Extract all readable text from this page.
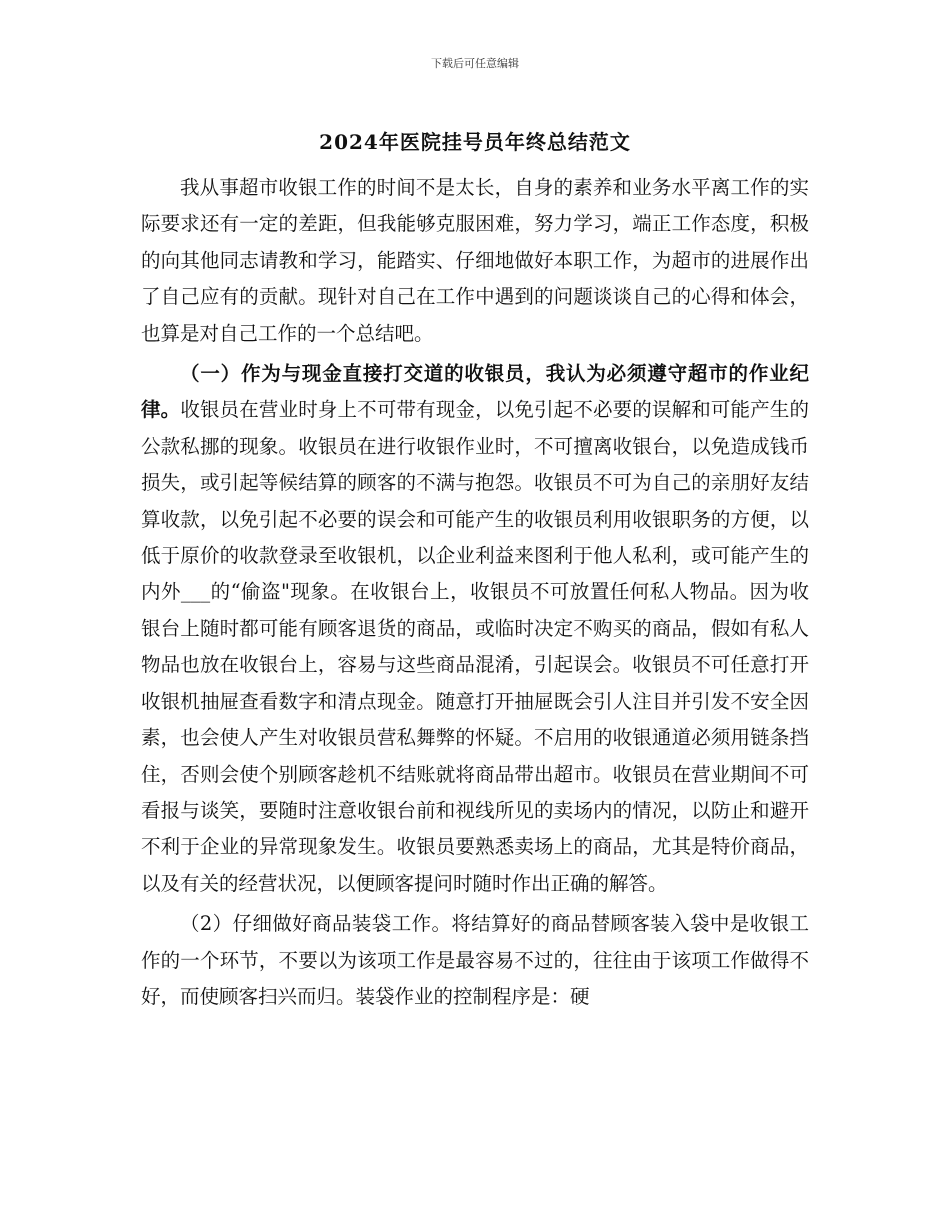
下载后可任意编辑
2024年医院挂号员年终总结范文

我从事超市收银工作的时间不是太长，自身的素养和业务水平离工作的实际要求还有一定的差距，但我能够克服困难，努力学习，端正工作态度，积极的向其他同志请教和学习，能踏实、仔细地做好本职工作，为超市的进展作出了自己应有的贡献。现针对自己在工作中遇到的问题谈谈自己的心得和体会，也算是对自己工作的一个总结吧。

（一）作为与现金直接打交道的收银员，我认为必须遵守超市的作业纪律。收银员在营业时身上不可带有现金，以免引起不必要的误解和可能产生的公款私挪的现象。收银员在进行收银作业时，不可擅离收银台，以免造成钱币损失，或引起等候结算的顾客的不满与抱怨。收银员不可为自己的亲朋好友结算收款，以免引起不必要的误会和可能产生的收银员利用收银职务的方便，以低于原价的收款登录至收银机，以企业利益来图利于他人私利，或可能产生的内外___的“偷盗"现象。在收银台上，收银员不可放置任何私人物品。因为收银台上随时都可能有顾客退货的商品，或临时决定不购买的商品，假如有私人物品也放在收银台上，容易与这些商品混淆，引起误会。收银员不可任意打开收银机抽屉查看数字和清点现金。随意打开抽屉既会引人注目并引发不安全因素，也会使人产生对收银员营私舞弊的怀疑。不启用的收银通道必须用链条挡住，否则会使个别顾客趁机不结账就将商品带出超市。收银员在营业期间不可看报与谈笑，要随时注意收银台前和视线所见的卖场内的情况，以防止和避开不利于企业的异常现象发生。收银员要熟悉卖场上的商品，尤其是特价商品，以及有关的经营状况，以便顾客提问时随时作出正确的解答。

（2）仔细做好商品装袋工作。将结算好的商品替顾客装入袋中是收银工作的一个环节，不要以为该项工作是最容易不过的，往往由于该项工作做得不好，而使顾客扫兴而归。装袋作业的控制程序是：硬
